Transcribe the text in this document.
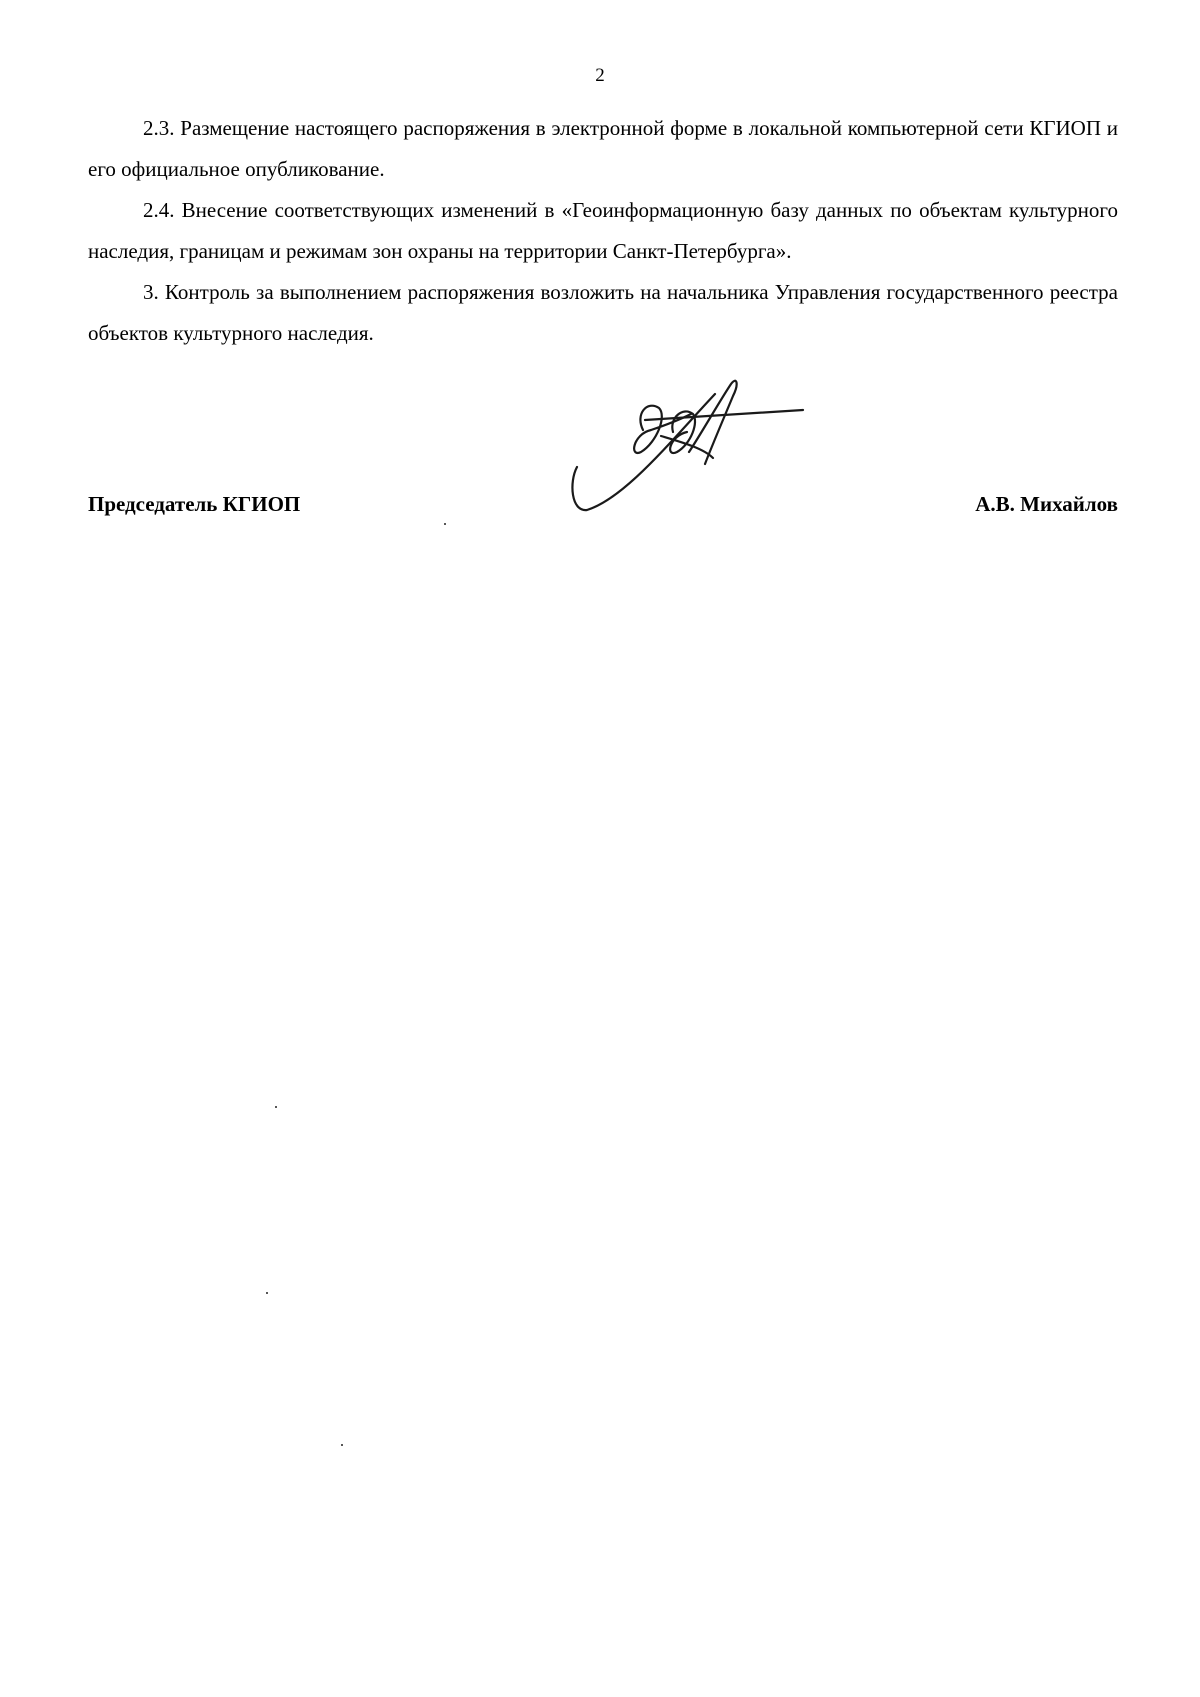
2

2.3. Размещение настоящего распоряжения в электронной форме в локальной компьютерной сети КГИОП и его официальное опубликование.

2.4. Внесение соответствующих изменений в «Геоинформационную базу данных по объектам культурного наследия, границам и режимам зон охраны на территории Санкт-Петербурга».

3. Контроль за выполнением распоряжения возложить на начальника Управления государственного реестра объектов культурного наследия.

Председатель КГИОП	А.В. Михайлов
